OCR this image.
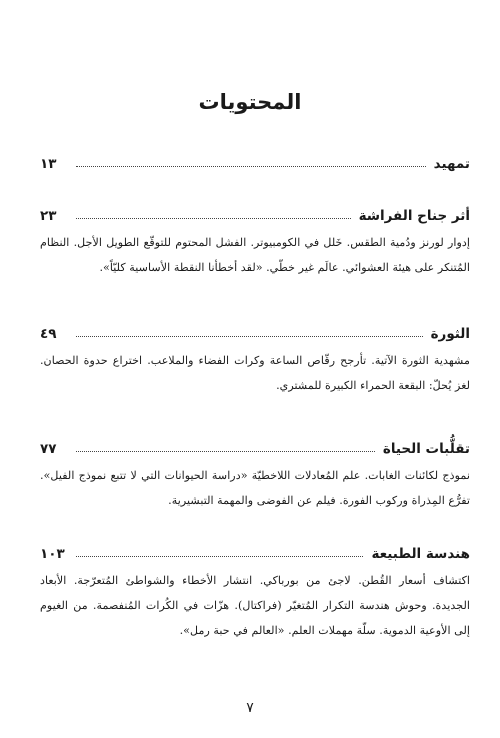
المحتويات
تمهيد
١٣
أثر جناح الفراشة
٢٣
إدوار لورنز ودُمية الطقس. خَلل في الكومبيوتر. الفشل المحتوم للتوقّع الطويل الأجل. النظام المُتنكر على هيئة العشوائي. عالَم غير خطّي. «لقد أخطأنا النقطة الأساسية كليّاً».
الثورة
٤٩
مشهدية الثورة الآتية. تأرجح رقّاص الساعة وكرات الفضاء والملاعب. اختراع حدوة الحصان. لغز يُحلّ: البقعة الحمراء الكبيرة للمشتري.
تقلُّبات الحياة
٧٧
نموذج لكائنات الغابات. علم المُعادلات اللاخطيّة «دراسة الحيوانات التي لا تتبع نموذج الفيل». تفرُّع المِذراة وركوب الفورة. فيلم عن الفوضى والمهمة التبشيرية.
هندسة الطبيعة
١٠٣
اكتشاف أسعار القُطن. لاجئ من بورباكي. انتشار الأخطاء والشواطئ المُتعرّجة. الأبعاد الجديدة. وحوش هندسة التكرار المُتغيّر (فراكتال). هزّات في الكُرات المُنفصمة. من الغيوم إلى الأوعية الدموية. سلّة مهملات العلم. «العالم في حبة رمل».
٧
